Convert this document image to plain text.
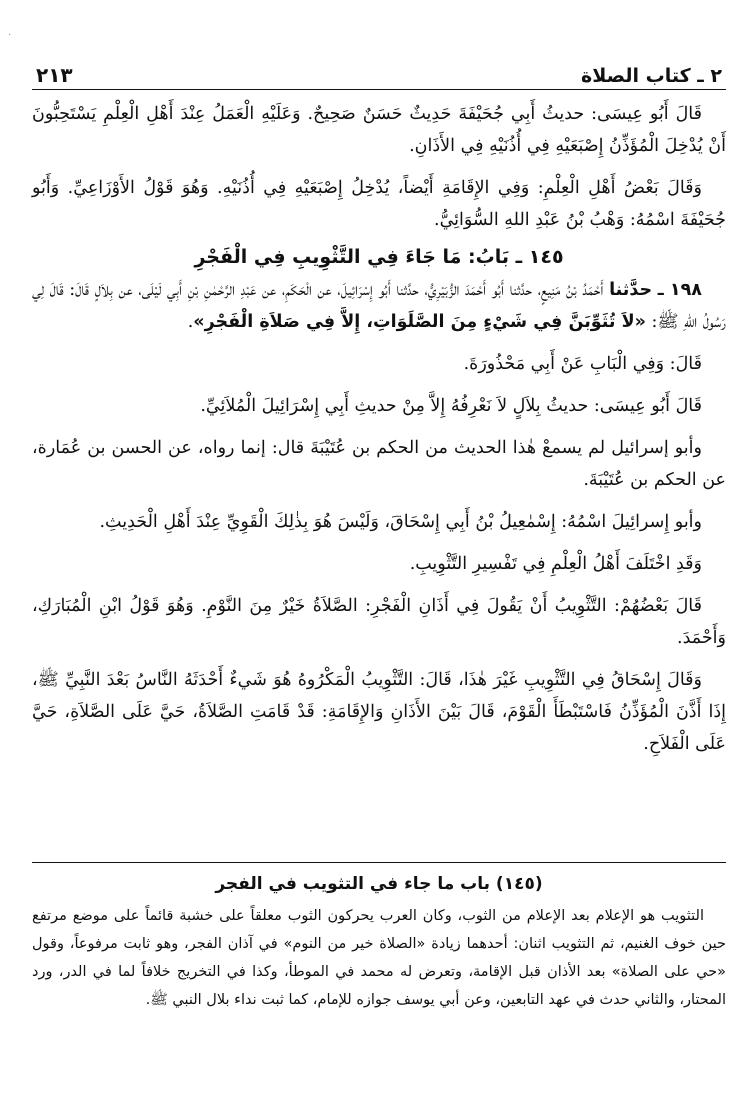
·
٢ ـ كتاب الصلاة
٢١٣

قَالَ أَبُو عِيسَى: حديثُ أَبِي جُحَيْفَةَ حَدِيثٌ حَسَنٌ صَحِيحٌ. وَعَلَيْهِ الْعَمَلُ عِنْدَ أَهْلِ الْعِلْمِ يَسْتَحِبُّونَ أَنْ يُدْخِلَ الْمُؤَذِّنُ إِصْبَعَيْهِ فِي أُذُنَيْهِ فِي الأَذَانِ.

وَقَالَ بَعْضُ أَهْلِ الْعِلْمِ: وَفِي الإِقَامَةِ أَيْضاً، يُدْخِلُ إِصْبَعَيْهِ فِي أُذُنَيْهِ. وَهُوَ قَوْلُ الأَوْزَاعِيِّ. وَأَبُو جُحَيْفَةَ اسْمُهُ: وَهْبُ بْنُ عَبْدِ اللهِ السُّوَائِيُّ.

١٤٥ ـ بَابُ: مَا جَاءَ فِي التَّثْوِيبِ فِي الْفَجْرِ

١٩٨ ـ حدَّثنا أَحْمَدُ بْنُ مَنِيعٍ، حدَّثنا أَبُو أَحْمَدَ الزُّبَيْرِيُّ، حدَّثنا أَبُو إِسْرَائِيلَ، عن الْحَكَمِ، عن عَبْدِ الرَّحْمٰنِ بْنِ أَبِي لَيْلَى، عن بِلاَلٍ قَالَ: قَالَ لِي رَسُولُ اللهِ ﷺ: «لاَ تُثَوِّبَنَّ فِي شَيْءٍ مِنَ الصَّلَوَاتِ، إِلاَّ فِي صَلاَةِ الْفَجْرِ».

قَالَ: وَفِي الْبَابِ عَنْ أَبِي مَحْذُورَةَ.

قَالَ أَبُو عِيسَى: حديثُ بِلاَلٍ لاَ نَعْرِفُهُ إِلاَّ مِنْ حديثِ أَبِي إِسْرَائِيلَ الْمُلاَئِيِّ.

وأبو إسرائيل لم يسمعْ هٰذا الحديث من الحكم بن عُتَيْبَةَ قال: إنما رواه، عن الحسن بن عُمَارة، عن الحكم بن عُتَيْبَةَ.

وأبو إِسرائِيلَ اسْمُهُ: إِسْمٰعِيلُ بْنُ أَبِي إِسْحَاقَ، وَلَيْسَ هُوَ بِذٰلِكَ الْقَوِيِّ عِنْدَ أَهْلِ الْحَدِيثِ.

وَقَدِ اخْتَلَفَ أَهْلُ الْعِلْمِ فِي تَفْسِيرِ التَّثْوِيبِ.

قَالَ بَعْضُهُمْ: التَّثْوِيبُ أَنْ يَقُولَ فِي أَذَانِ الْفَجْرِ: الصَّلاَةُ خَيْرٌ مِنَ النَّوْمِ. وَهُوَ قَوْلُ ابْنِ الْمُبَارَكِ، وَأَحْمَدَ.

وَقَالَ إِسْحَاقُ فِي التَّثْوِيبِ غَيْرَ هٰذَا، قَالَ: التَّثْوِيبُ الْمَكْرُوهُ هُوَ شَيءٌ أَحْدَثَهُ النَّاسُ بَعْدَ النَّبِيِّ ﷺ، إِذَا أَذَّنَ الْمُؤَذِّنُ فَاسْتَبْطَأَ الْقَوْمَ، قَالَ بَيْنَ الأَذَانِ وَالإِقَامَةِ: قَدْ قَامَتِ الصَّلاَةُ، حَيَّ عَلَى الصَّلاَةِ، حَيَّ عَلَى الْفَلاَحِ.

(١٤٥) باب ما جاء في التثويب في الفجر

التثويب هو الإعلام بعد الإعلام من الثوب، وكان العرب يحركون الثوب معلقاً على خشبة قائماً على موضع مرتفع حين خوف الغنيم، ثم التثويب اثنان: أحدهما زيادة «الصلاة خير من النوم» في آذان الفجر، وهو ثابت مرفوعاً، وقول «حي على الصلاة» بعد الأذان قبل الإقامة، وتعرض له محمد في الموطأ، وكذا في التخريج خلافاً لما في الدر، ورد المحتار، والثاني حدث في عهد التابعين، وعن أبي يوسف جوازه للإمام، كما ثبت نداء بلال النبي ﷺ.
